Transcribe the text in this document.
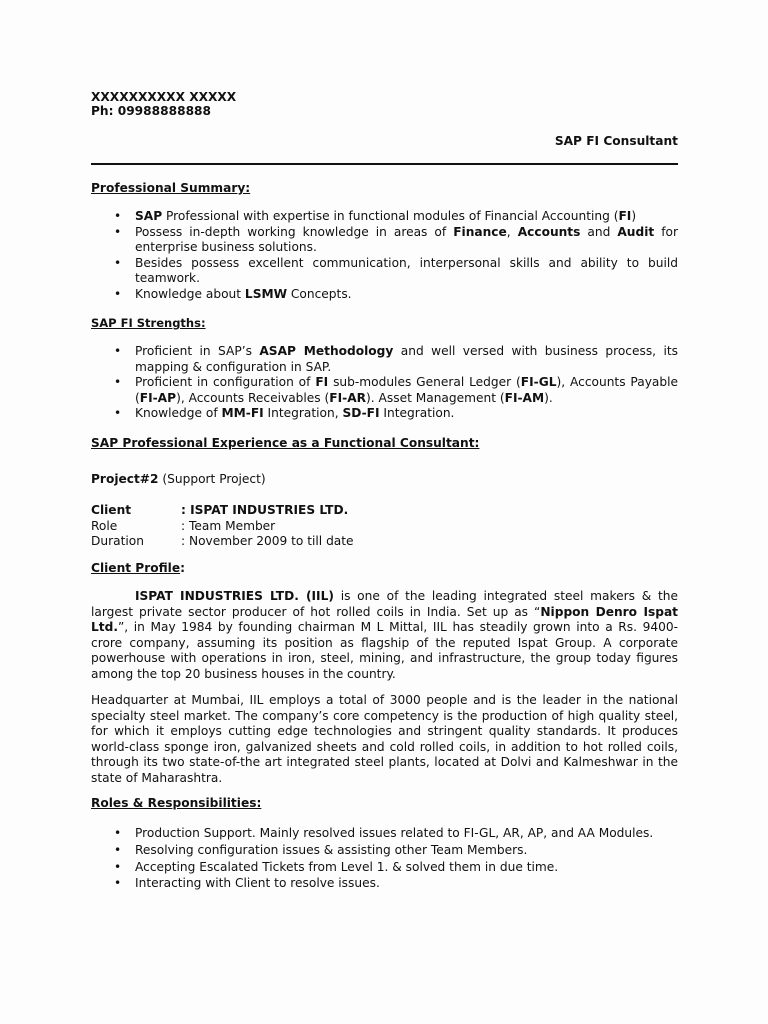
XXXXXXXXXX XXXXX
Ph: 09988888888
SAP FI Consultant
Professional Summary:
• SAP Professional with expertise in functional modules of Financial Accounting (FI)
• Possess in-depth working knowledge in areas of Finance, Accounts and Audit for enterprise business solutions.
• Besides possess excellent communication, interpersonal skills and ability to build teamwork.
• Knowledge about LSMW Concepts.
SAP FI Strengths:
• Proficient in SAP’s ASAP Methodology and well versed with business process, its mapping & configuration in SAP.
• Proficient in configuration of FI sub-modules General Ledger (FI-GL), Accounts Payable (FI-AP), Accounts Receivables (FI-AR). Asset Management (FI-AM).
• Knowledge of MM-FI Integration, SD-FI Integration.
SAP Professional Experience as a Functional Consultant:
Project#2 (Support Project)
Client	: ISPAT INDUSTRIES LTD.
Role	: Team Member
Duration	: November 2009 to till date
Client Profile:

ISPAT INDUSTRIES LTD. (IIL) is one of the leading integrated steel makers & the largest private sector producer of hot rolled coils in India. Set up as “Nippon Denro Ispat Ltd.”, in May 1984 by founding chairman M L Mittal, IIL has steadily grown into a Rs. 9400-crore company, assuming its position as flagship of the reputed Ispat Group. A corporate powerhouse with operations in iron, steel, mining, and infrastructure, the group today figures among the top 20 business houses in the country.

Headquarter at Mumbai, IIL employs a total of 3000 people and is the leader in the national specialty steel market. The company’s core competency is the production of high quality steel, for which it employs cutting edge technologies and stringent quality standards. It produces world-class sponge iron, galvanized sheets and cold rolled coils, in addition to hot rolled coils, through its two state-of-the art integrated steel plants, located at Dolvi and Kalmeshwar in the state of Maharashtra.

Roles & Responsibilities:
• Production Support. Mainly resolved issues related to FI-GL, AR, AP, and AA Modules.
• Resolving configuration issues & assisting other Team Members.
• Accepting Escalated Tickets from Level 1. & solved them in due time.
• Interacting with Client to resolve issues.
